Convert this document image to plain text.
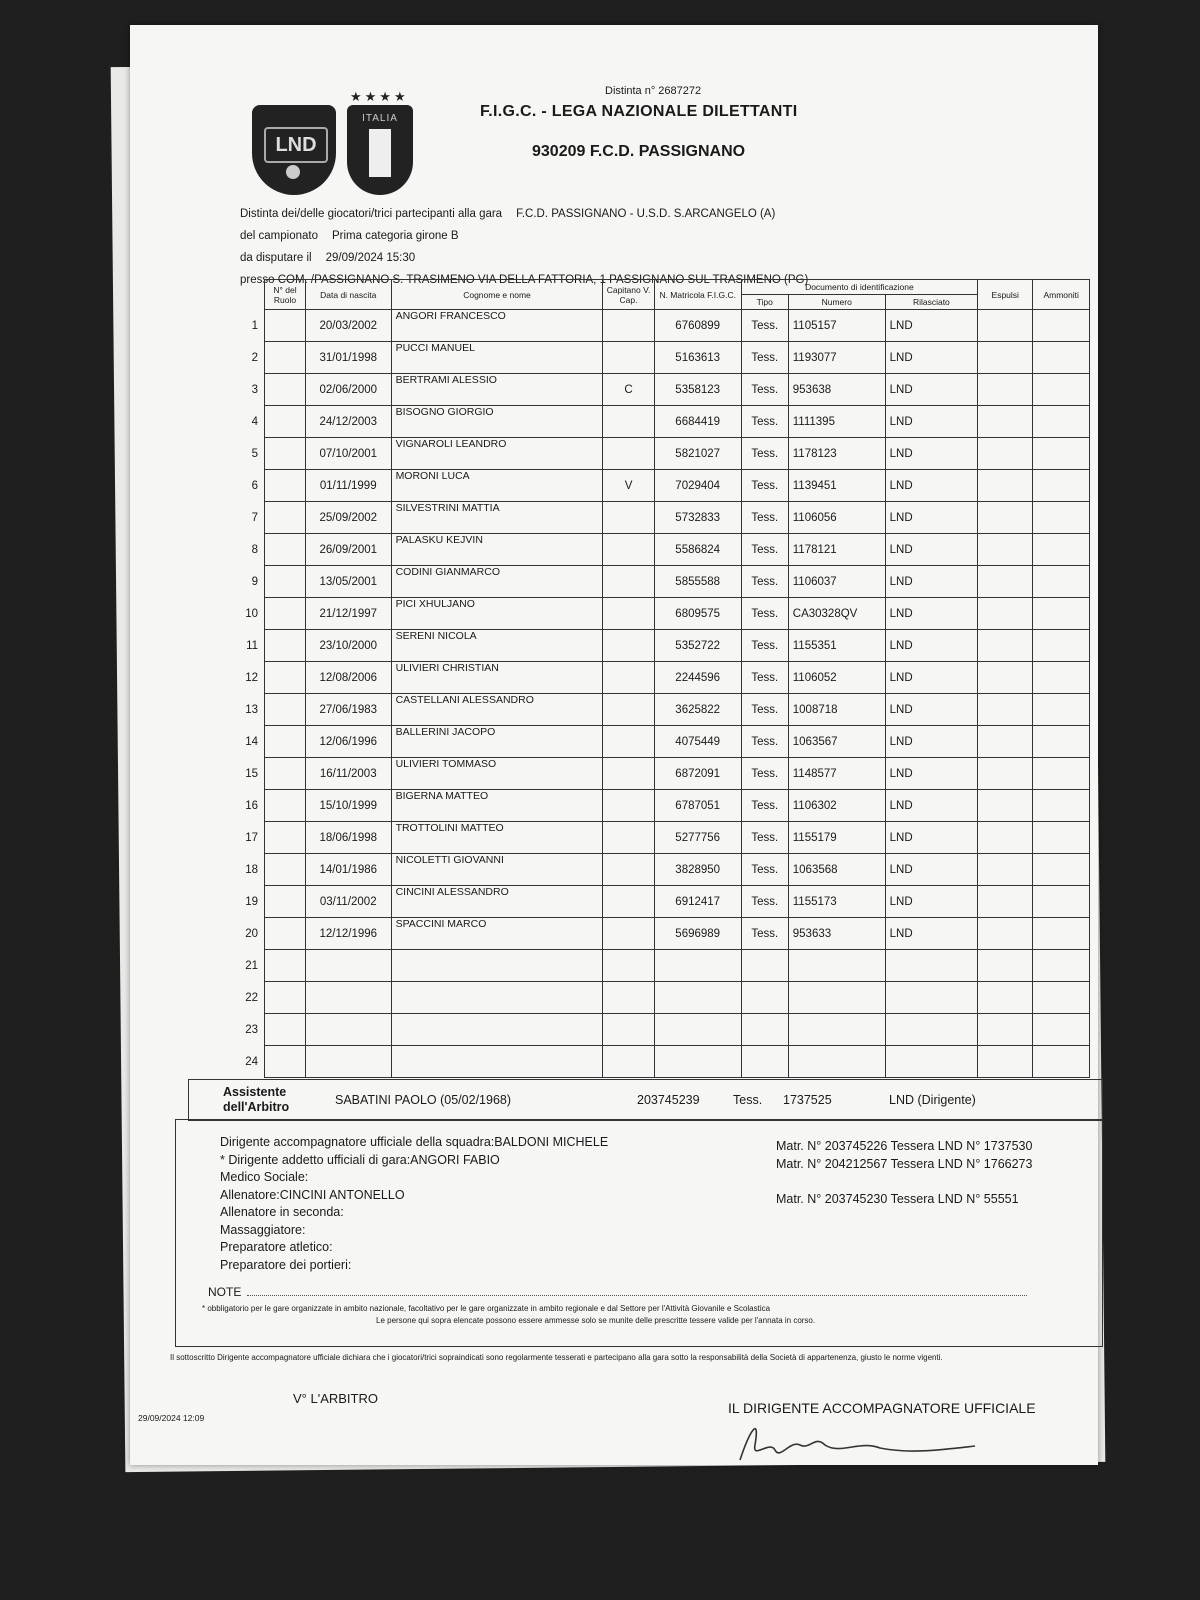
LND
★★★★
ITALIA
Distinta n° 2687272
F.I.G.C. - LEGA NAZIONALE DILETTANTI
930209 F.C.D. PASSIGNANO
Distinta dei/delle giocatori/trici partecipanti alla gara F.C.D. PASSIGNANO - U.S.D. S.ARCANGELO (A)
del campionato Prima categoria girone B
da disputare il 29/09/2024 15:30
presso COM. /PASSIGNANO S. TRASIMENO VIA DELLA FATTORIA, 1 PASSIGNANO SUL TRASIMENO (PG)
	N° del Ruolo	Data di nascita	Cognome e nome	Capitano V. Cap.	N. Matricola F.I.G.C.	Documento di identificazione			Espulsi	Ammoniti
						Tipo	Numero	Rilasciato		
1		20/03/2002	ANGORI FRANCESCO		6760899	Tess.	1105157	LND		
2		31/01/1998	PUCCI MANUEL		5163613	Tess.	1193077	LND		
3		02/06/2000	BERTRAMI ALESSIO	C	5358123	Tess.	953638	LND		
4		24/12/2003	BISOGNO GIORGIO		6684419	Tess.	1111395	LND		
5		07/10/2001	VIGNAROLI LEANDRO		5821027	Tess.	1178123	LND		
6		01/11/1999	MORONI LUCA	V	7029404	Tess.	1139451	LND		
7		25/09/2002	SILVESTRINI MATTIA		5732833	Tess.	1106056	LND		
8		26/09/2001	PALASKU KEJVIN		5586824	Tess.	1178121	LND		
9		13/05/2001	CODINI GIANMARCO		5855588	Tess.	1106037	LND		
10		21/12/1997	PICI XHULJANO		6809575	Tess.	CA30328QV	LND		
11		23/10/2000	SERENI NICOLA		5352722	Tess.	1155351	LND		
12		12/08/2006	ULIVIERI CHRISTIAN		2244596	Tess.	1106052	LND		
13		27/06/1983	CASTELLANI ALESSANDRO		3625822	Tess.	1008718	LND		
14		12/06/1996	BALLERINI JACOPO		4075449	Tess.	1063567	LND		
15		16/11/2003	ULIVIERI TOMMASO		6872091	Tess.	1148577	LND		
16		15/10/1999	BIGERNA MATTEO		6787051	Tess.	1106302	LND		
17		18/06/1998	TROTTOLINI MATTEO		5277756	Tess.	1155179	LND		
18		14/01/1986	NICOLETTI GIOVANNI		3828950	Tess.	1063568	LND		
19		03/11/2002	CINCINI ALESSANDRO		6912417	Tess.	1155173	LND		
20		12/12/1996	SPACCINI MARCO		5696989	Tess.	953633	LND		
21										
22										
23										
24										
Assistente dell'Arbitro	SABATINI PAOLO (05/02/1968)	203745239	Tess. 1737525	LND (Dirigente)
Dirigente accompagnatore ufficiale della squadra:BALDONI MICHELE
* Dirigente addetto ufficiali di gara:ANGORI FABIO
Medico Sociale:
Allenatore:CINCINI ANTONELLO
Allenatore in seconda:
Massaggiatore:
Preparatore atletico:
Preparatore dei portieri:
Matr. N° 203745226 Tessera LND N° 1737530
Matr. N° 204212567 Tessera LND N° 1766273
Matr. N° 203745230 Tessera LND N° 55551
NOTE
* obbligatorio per le gare organizzate in ambito nazionale, facoltativo per le gare organizzate in ambito regionale e dal Settore per l'Attività Giovanile e Scolastica
Le persone qui sopra elencate possono essere ammesse solo se munite delle prescritte tessere valide per l'annata in corso.
Il sottoscritto Dirigente accompagnatore ufficiale dichiara che i giocatori/trici sopraindicati sono regolarmente tesserati e partecipano alla gara sotto la responsabilità della Società di appartenenza, giusto le norme vigenti.
V° L'ARBITRO
29/09/2024 12:09
IL DIRIGENTE ACCOMPAGNATORE UFFICIALE
